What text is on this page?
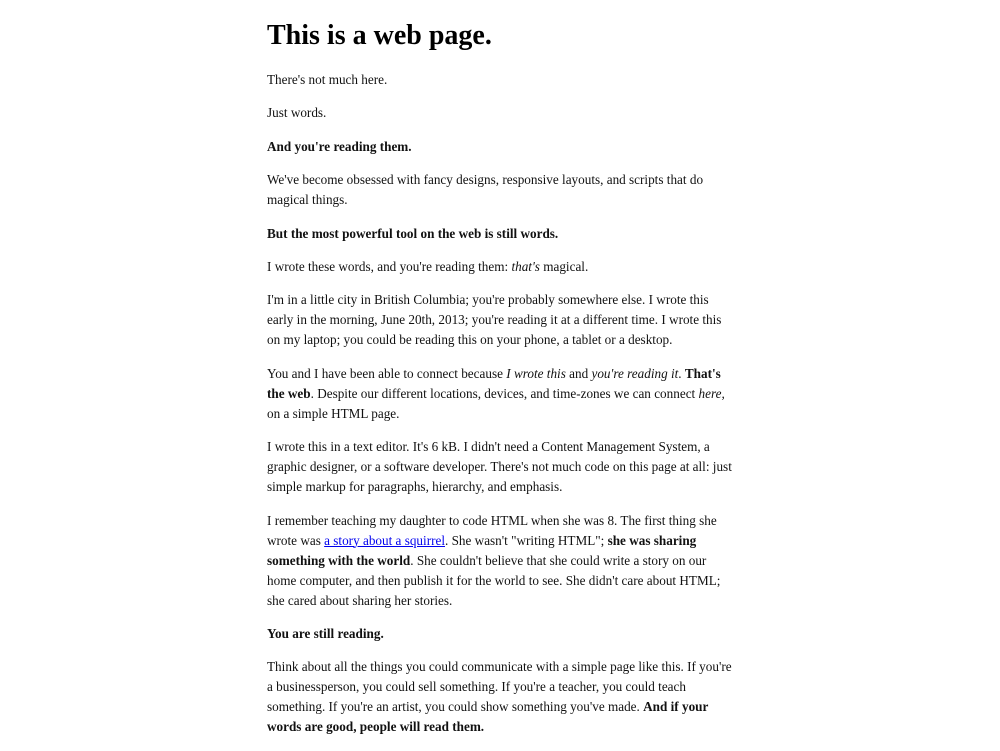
This is a web page.

There's not much here.

Just words.

And you're reading them.

We've become obsessed with fancy designs, responsive layouts, and scripts that do magical things.

But the most powerful tool on the web is still words.

I wrote these words, and you're reading them: that's magical.

I'm in a little city in British Columbia; you're probably somewhere else. I wrote this early in the morning, June 20th, 2013; you're reading it at a different time. I wrote this on my laptop; you could be reading this on your phone, a tablet or a desktop.

You and I have been able to connect because I wrote this and you're reading it. That's the web. Despite our different locations, devices, and time-zones we can connect here, on a simple HTML page.

I wrote this in a text editor. It's 6 kB. I didn't need a Content Management System, a graphic designer, or a software developer. There's not much code on this page at all: just simple markup for paragraphs, hierarchy, and emphasis.

I remember teaching my daughter to code HTML when she was 8. The first thing she wrote was a story about a squirrel. She wasn't "writing HTML"; she was sharing something with the world. She couldn't believe that she could write a story on our home computer, and then publish it for the world to see. She didn't care about HTML; she cared about sharing her stories.

You are still reading.

Think about all the things you could communicate with a simple page like this. If you're a businessperson, you could sell something. If you're a teacher, you could teach something. If you're an artist, you could show something you've made. And if your words are good, people will read them.
